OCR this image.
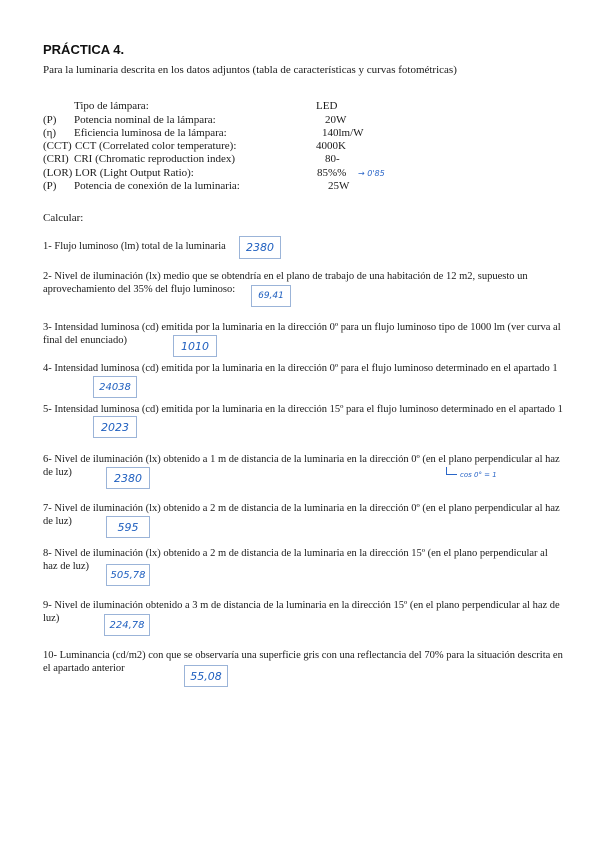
PRÁCTICA 4.
Para la luminaria descrita en los datos adjuntos (tabla de características y curvas fotométricas)
Tipo de lámpara:	LED
(P) Potencia nominal de la lámpara:	20W
(η) Eficiencia luminosa de la lámpara:	140lm/W
(CCT) CCT (Correlated color temperature):	4000K
(CRI) CRI (Chromatic reproduction index)	80-
(LOR) LOR (Light Output Ratio):	85%% → 0'85
(P) Potencia de conexión de la luminaria:	25W
Calcular:
1- Flujo luminoso (lm) total de la luminaria	2380
2- Nivel de iluminación (lx) medio que se obtendría en el plano de trabajo de una habitación de 12 m2, supuesto un aprovechamiento del 35% del flujo luminoso:
69,41
3- Intensidad luminosa (cd) emitida por la luminaria en la dirección 0º para un flujo luminoso tipo de 1000 lm (ver curva al final del enunciado)	1010
4- Intensidad luminosa (cd) emitida por la luminaria en la dirección 0º para el flujo luminoso determinado en el apartado 1
24038
5- Intensidad luminosa (cd) emitida por la luminaria en la dirección 15º para el flujo luminoso determinado en el apartado 1
2023
6- Nivel de iluminación (lx) obtenido a 1 m de distancia de la luminaria en la dirección 0º (en el plano perpendicular al haz de luz)	2380	cos 0° = 1
7- Nivel de iluminación (lx) obtenido a 2 m de distancia de la luminaria en la dirección 0º (en el plano perpendicular al haz de luz)	595
8- Nivel de iluminación (lx) obtenido a 2 m de distancia de la luminaria en la dirección 15º (en el plano perpendicular al haz de luz)
505,78
9- Nivel de iluminación obtenido a 3 m de distancia de la luminaria en la dirección 15º (en el plano perpendicular al haz de luz)
224,78
10- Luminancia (cd/m2) con que se observaría una superficie gris con una reflectancia del 70% para la situación descrita en el apartado anterior
55,08
